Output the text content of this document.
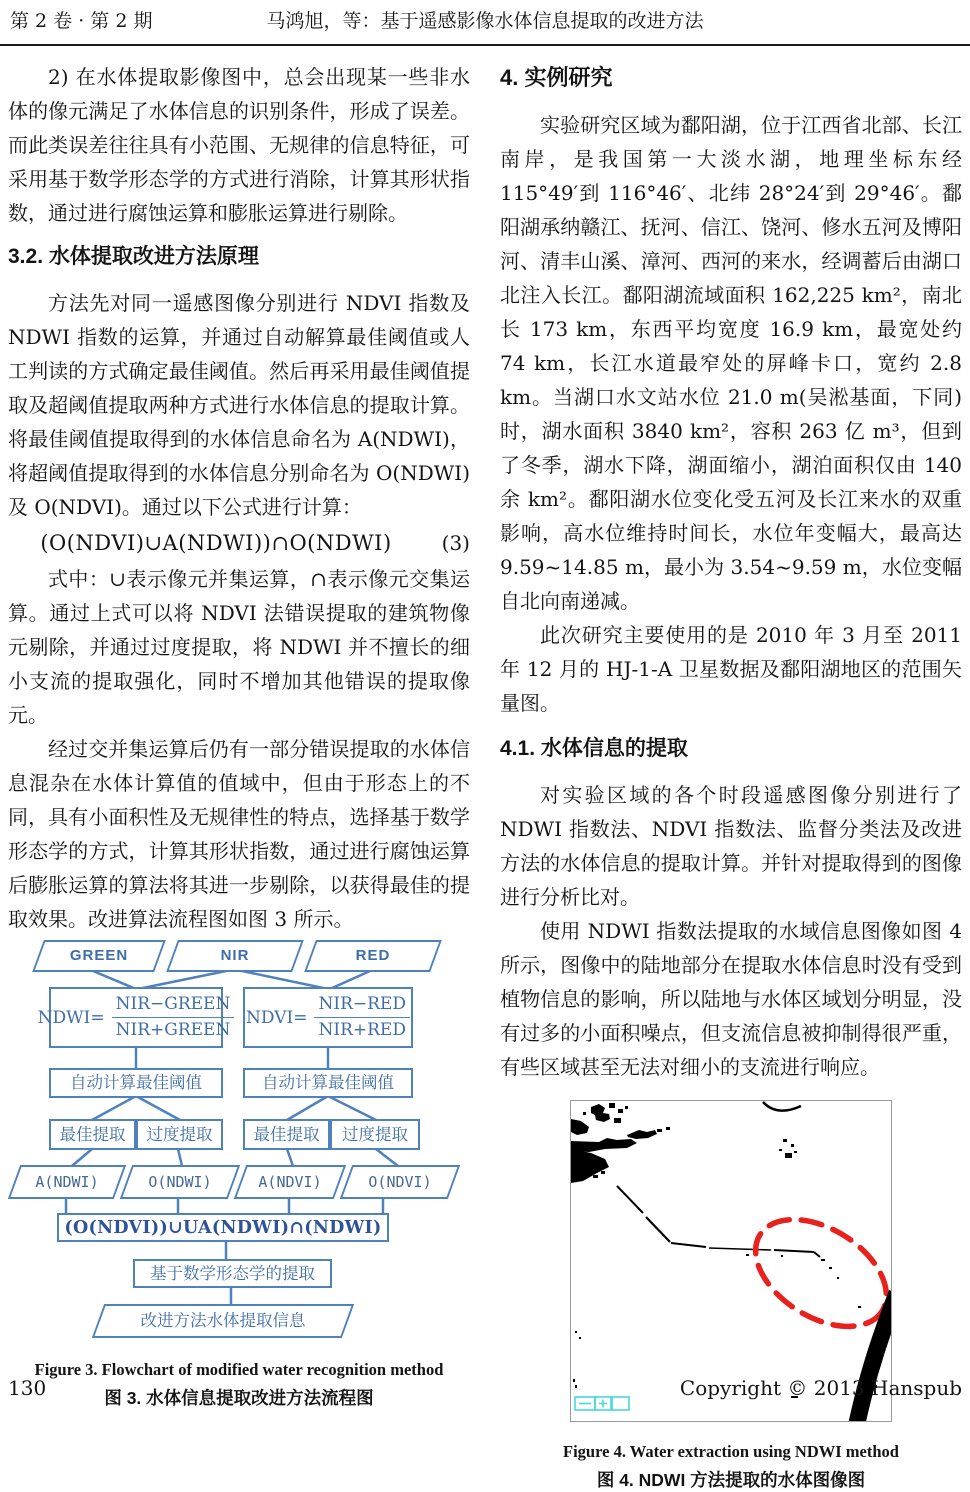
第 2 卷 · 第 2 期	马鸿旭，等：基于遥感影像水体信息提取的改进方法

2) 在水体提取影像图中，总会出现某一些非水体的像元满足了水体信息的识别条件，形成了误差。而此类误差往往具有小范围、无规律的信息特征，可采用基于数学形态学的方式进行消除，计算其形状指数，通过进行腐蚀运算和膨胀运算进行剔除。

3.2. 水体提取改进方法原理

方法先对同一遥感图像分别进行 NDVI 指数及 NDWI 指数的运算，并通过自动解算最佳阈值或人工判读的方式确定最佳阈值。然后再采用最佳阈值提取及超阈值提取两种方式进行水体信息的提取计算。将最佳阈值提取得到的水体信息命名为 A(NDWI)，将超阈值提取得到的水体信息分别命名为 O(NDWI)及 O(NDVI)。通过以下公式进行计算：

(O(NDVI)∪A(NDWI))∩O(NDWI)	(3)

式中：∪表示像元并集运算，∩表示像元交集运算。通过上式可以将 NDVI 法错误提取的建筑物像元剔除，并通过过度提取，将 NDWI 并不擅长的细小支流的提取强化，同时不增加其他错误的提取像元。

经过交并集运算后仍有一部分错误提取的水体信息混杂在水体计算值的值域中，但由于形态上的不同，具有小面积性及无规律性的特点，选择基于数学形态学的方式，计算其形状指数，通过进行腐蚀运算后膨胀运算的算法将其进一步剔除，以获得最佳的提取效果。改进算法流程图如图 3 所示。

GREEN	NIR	RED
NDWI= $\frac{\text{NIR−GREEN}}{\text{NIR+GREEN}}$ NDVI= $\frac{\text{NIR−RED}}{\text{NIR+RED}}$
自动计算最佳阈值	自动计算最佳阈值
最佳提取	过度提取	最佳提取	过度提取
A(NDWI)	O(NDWI)	A(NDVI)	O(NDVI)
(O(NDVI))∪UA(NDWI)∩(NDWI)
基于数学形态学的提取
改进方法水体提取信息
Figure 3. Flowchart of modified water recognition method
图 3. 水体信息提取改进方法流程图
4. 实例研究

实验研究区域为鄱阳湖，位于江西省北部、长江南岸，是我国第一大淡水湖，地理坐标东经 115°49′到 116°46′、北纬 28°24′到 29°46′。鄱阳湖承纳赣江、抚河、信江、饶河、修水五河及博阳河、清丰山溪、漳河、西河的来水，经调蓄后由湖口北注入长江。鄱阳湖流域面积 162,225 km²，南北长 173 km，东西平均宽度 16.9 km，最宽处约 74 km，长江水道最窄处的屏峰卡口，宽约 2.8 km。当湖口水文站水位 21.0 m(吴淞基面，下同)时，湖水面积 3840 km²，容积 263 亿 m³，但到了冬季，湖水下降，湖面缩小，湖泊面积仅由 140 余 km²。鄱阳湖水位变化受五河及长江来水的双重影响，高水位维持时间长，水位年变幅大，最高达 9.59~14.85 m，最小为 3.54~9.59 m，水位变幅自北向南递减。

此次研究主要使用的是 2010 年 3 月至 2011 年 12 月的 HJ-1-A 卫星数据及鄱阳湖地区的范围矢量图。

4.1. 水体信息的提取

对实验区域的各个时段遥感图像分别进行了 NDWI 指数法、NDVI 指数法、监督分类法及改进方法的水体信息的提取计算。并针对提取得到的图像进行分析比对。

使用 NDWI 指数法提取的水域信息图像如图 4 所示，图像中的陆地部分在提取水体信息时没有受到植物信息的影响，所以陆地与水体区域划分明显，没有过多的小面积噪点，但支流信息被抑制得很严重，有些区域甚至无法对细小的支流进行响应。

Figure 4. Water extraction using NDWI method
图 4. NDWI 方法提取的水体图像图
130	Copyright © 2013 Hanspub
